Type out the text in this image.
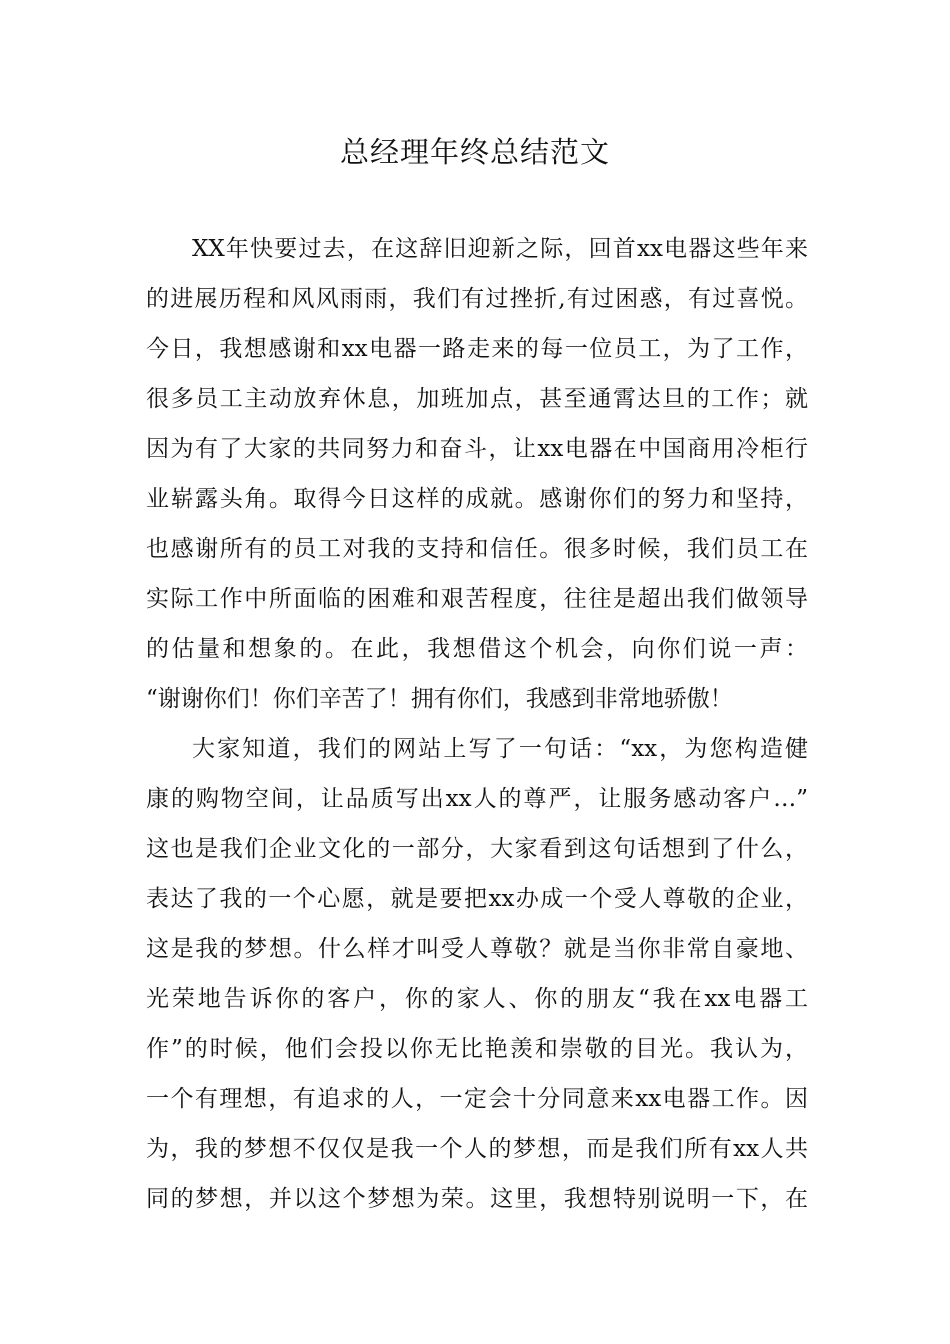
总经理年终总结范文
XX年快要过去，在这辞旧迎新之际，回首xx电器这些年来
的进展历程和风风雨雨，我们有过挫折,有过困惑，有过喜悦。
今日，我想感谢和xx电器一路走来的每一位员工，为了工作，
很多员工主动放弃休息，加班加点，甚至通霄达旦的工作；就
因为有了大家的共同努力和奋斗，让xx电器在中国商用冷柜行
业崭露头角。取得今日这样的成就。感谢你们的努力和坚持，
也感谢所有的员工对我的支持和信任。很多时候，我们员工在
实际工作中所面临的困难和艰苦程度，往往是超出我们做领导
的估量和想象的。在此，我想借这个机会，向你们说一声：
“谢谢你们！你们辛苦了！拥有你们，我感到非常地骄傲！
大家知道，我们的网站上写了一句话：“xx，为您构造健
康的购物空间，让品质写出xx人的尊严，让服务感动客户…”
这也是我们企业文化的一部分，大家看到这句话想到了什么，
表达了我的一个心愿，就是要把xx办成一个受人尊敬的企业，
这是我的梦想。什么样才叫受人尊敬？就是当你非常自豪地、
光荣地告诉你的客户，你的家人、你的朋友“我在xx电器工
作”的时候，他们会投以你无比艳羡和崇敬的目光。我认为，
一个有理想，有追求的人，一定会十分同意来xx电器工作。因
为，我的梦想不仅仅是我一个人的梦想，而是我们所有xx人共
同的梦想，并以这个梦想为荣。这里，我想特别说明一下，在
